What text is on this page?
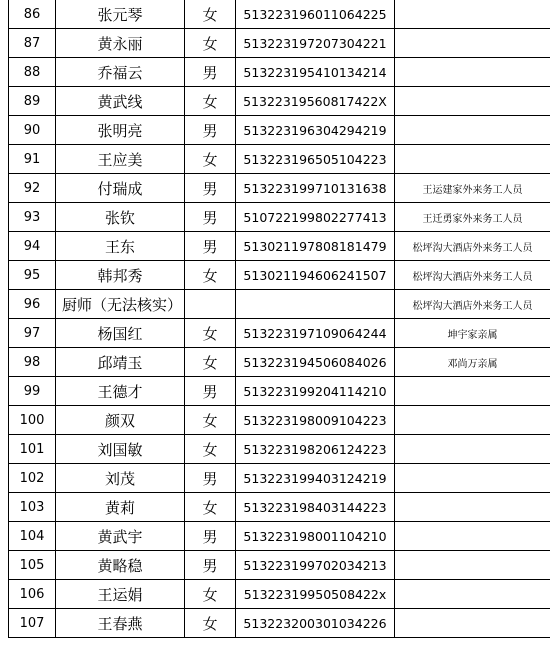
86	张元琴	女	513223196011064225	
87	黄永丽	女	513223197207304221	
88	乔福云	男	513223195410134214	
89	黄武线	女	51322319560817422X	
90	张明亮	男	513223196304294219	
91	王应美	女	513223196505104223	
92	付瑞成	男	513223199710131638	王运建家外来务工人员
93	张钦	男	510722199802277413	王迁勇家外来务工人员
94	王东	男	513021197808181479	松坪沟大酒店外来务工人员
95	韩邦秀	女	513021194606241507	松坪沟大酒店外来务工人员
96	厨师（无法核实）			松坪沟大酒店外来务工人员
97	杨国红	女	513223197109064244	坤宇家亲属
98	邱靖玉	女	513223194506084026	邓尚万亲属
99	王德才	男	513223199204114210	
100	颜双	女	513223198009104223	
101	刘国敏	女	513223198206124223	
102	刘茂	男	513223199403124219	
103	黄莉	女	513223198403144223	
104	黄武宇	男	513223198001104210	
105	黄略稳	男	513223199702034213	
106	王运娟	女	51322319950508422x	
107	王春燕	女	513223200301034226	
